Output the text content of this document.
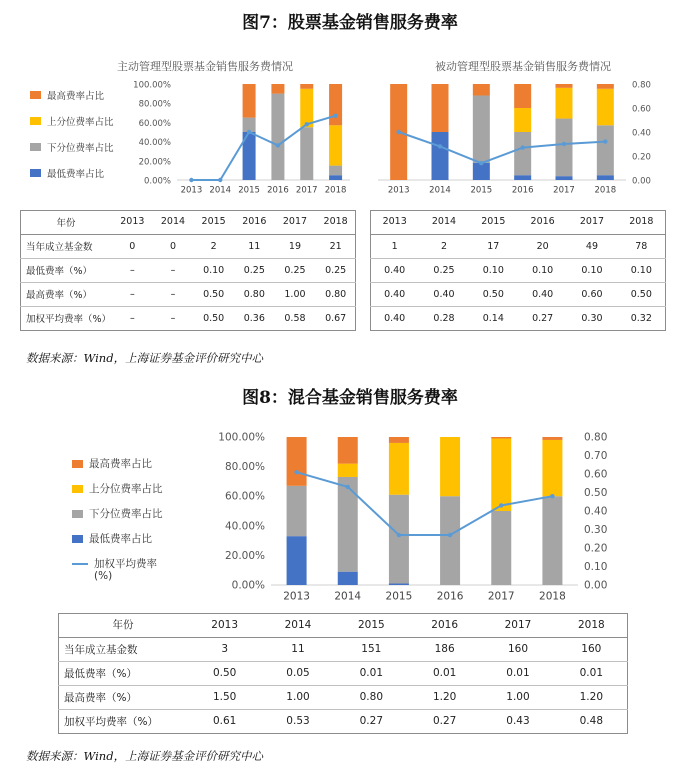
图7：股票基金销售服务费率
主动管理型股票基金销售服务费情况	被动管理型股票基金销售服务费情况
最高费率占比
上分位费率占比
下分位费率占比
最低费率占比
0.00%
20.00%
40.00%
60.00%
80.00%
100.00%
2013 2014 2015 2016 2017 2018
0.00
0.20
0.40
0.60
0.80
2013 2014 2015 2016 2017 2018
年份	2013	2014	2015	2016	2017	2018
当年成立基金数	0	0	2	11	19	21
最低费率（%）	–	–	0.10	0.25	0.25	0.25
最高费率（%）	–	–	0.50	0.80	1.00	0.80
加权平均费率（%）	–	–	0.50	0.36	0.58	0.67
2013	2014	2015	2016	2017	2018
1	2	17	20	49	78
0.40	0.25	0.10	0.10	0.10	0.10
0.40	0.40	0.50	0.40	0.60	0.50
0.40	0.28	0.14	0.27	0.30	0.32
数据来源：Wind，上海证券基金评价研究中心
图8：混合基金销售服务费率
最高费率占比
上分位费率占比
下分位费率占比
最低费率占比
加权平均费率
(%)
0.00%
20.00%
40.00%
60.00%
80.00%
100.00%
0.00
0.10
0.20
0.30
0.40
0.50
0.60
0.70
0.80
2013 2014 2015 2016 2017 2018
年份	2013	2014	2015	2016	2017	2018
当年成立基金数	3	11	151	186	160	160
最低费率（%）	0.50	0.05	0.01	0.01	0.01	0.01
最高费率（%）	1.50	1.00	0.80	1.20	1.00	1.20
加权平均费率（%）	0.61	0.53	0.27	0.27	0.43	0.48
数据来源：Wind，上海证券基金评价研究中心
